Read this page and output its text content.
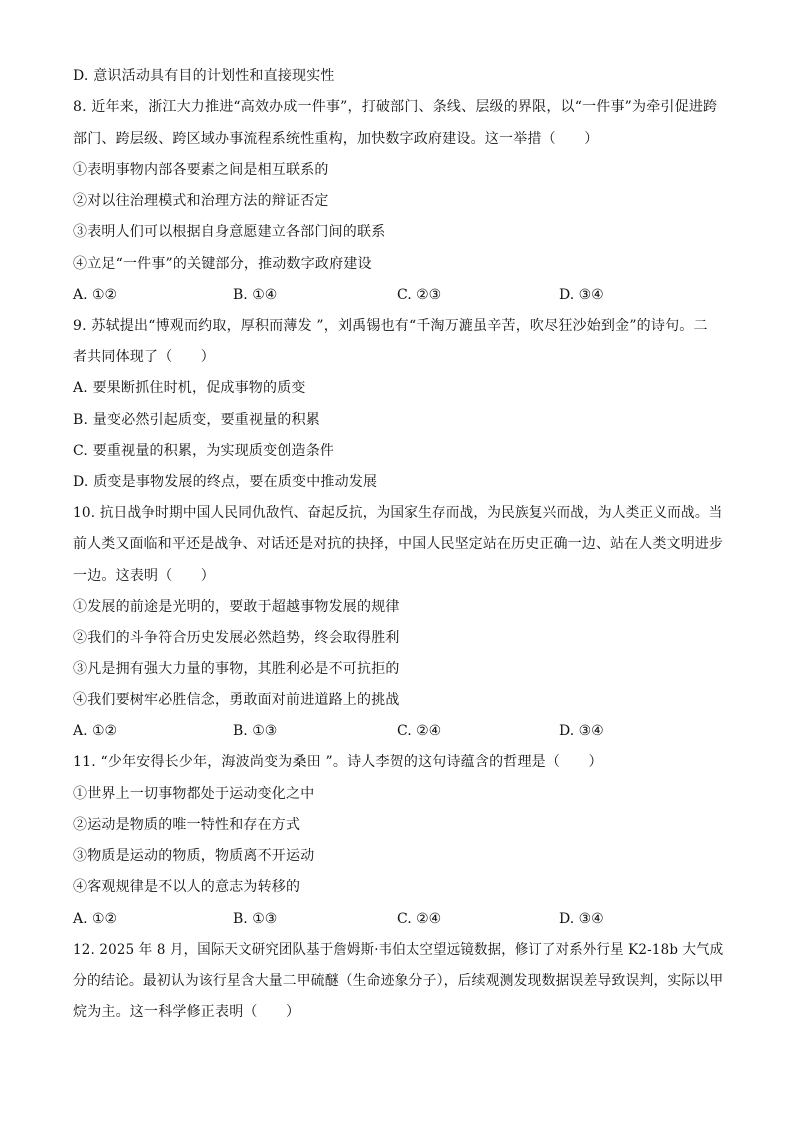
D. 意识活动具有目的计划性和直接现实性
8. 近年来，浙江大力推进“高效办成一件事”，打破部门、条线、层级的界限，以“一件事”为牵引促进跨
部门、跨层级、跨区域办事流程系统性重构，加快数字政府建设。这一举措（　　）
①表明事物内部各要素之间是相互联系的
②对以往治理模式和治理方法的辩证否定
③表明人们可以根据自身意愿建立各部门间的联系
④立足“一件事”的关键部分，推动数字政府建设
A. ①②	B. ①④	C. ②③	D. ③④
9. 苏轼提出“博观而约取，厚积而薄发 ”，刘禹锡也有“千淘万漉虽辛苦，吹尽狂沙始到金”的诗句。二
者共同体现了（　　）
A. 要果断抓住时机，促成事物的质变
B. 量变必然引起质变，要重视量的积累
C. 要重视量的积累，为实现质变创造条件
D. 质变是事物发展的终点，要在质变中推动发展
10. 抗日战争时期中国人民同仇敌忾、奋起反抗，为国家生存而战，为民族复兴而战，为人类正义而战。当
前人类又面临和平还是战争、对话还是对抗的抉择，中国人民坚定站在历史正确一边、站在人类文明进步
一边。这表明（　　）
①发展的前途是光明的，要敢于超越事物发展的规律
②我们的斗争符合历史发展必然趋势，终会取得胜利
③凡是拥有强大力量的事物，其胜利必是不可抗拒的
④我们要树牢必胜信念，勇敢面对前进道路上的挑战
A. ①②	B. ①③	C. ②④	D. ③④
11. “少年安得长少年，海波尚变为桑田 ”。诗人李贺的这句诗蕴含的哲理是（　　）
①世界上一切事物都处于运动变化之中
②运动是物质的唯一特性和存在方式
③物质是运动的物质，物质离不开运动
④客观规律是不以人的意志为转移的
A. ①②	B. ①③	C. ②④	D. ③④
12. 2025 年 8 月，国际天文研究团队基于詹姆斯·韦伯太空望远镜数据，修订了对系外行星 K2-18b 大气成
分的结论。最初认为该行星含大量二甲硫醚（生命迹象分子），后续观测发现数据误差导致误判，实际以甲
烷为主。这一科学修正表明（　　）
